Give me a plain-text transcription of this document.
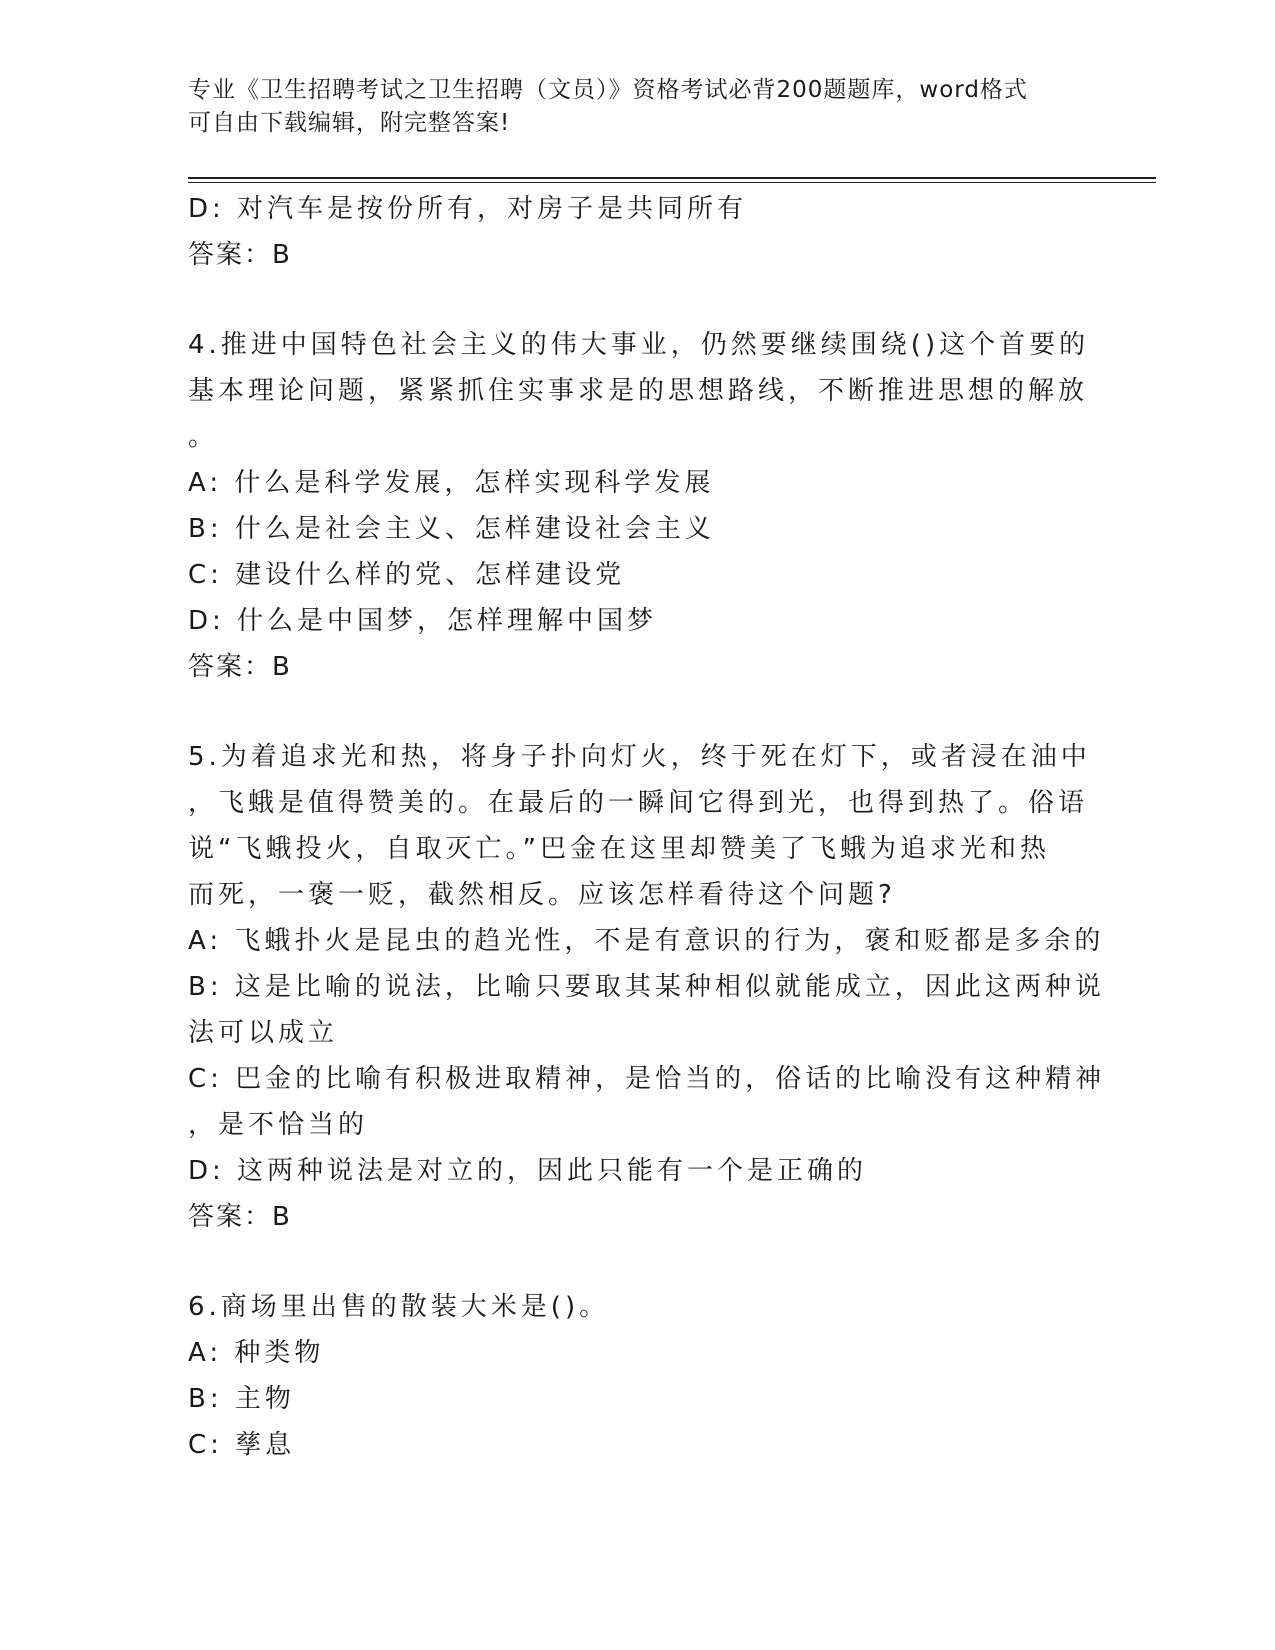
专业《卫生招聘考试之卫生招聘（文员）》资格考试必背200题题库，word格式
可自由下载编辑，附完整答案!
D: 对汽车是按份所有，对房子是共同所有
答案：B
4.推进中国特色社会主义的伟大事业，仍然要继续围绕()这个首要的
基本理论问题，紧紧抓住实事求是的思想路线，不断推进思想的解放
。
A: 什么是科学发展，怎样实现科学发展
B: 什么是社会主义、怎样建设社会主义
C: 建设什么样的党、怎样建设党
D: 什么是中国梦，怎样理解中国梦
答案：B
5.为着追求光和热，将身子扑向灯火，终于死在灯下，或者浸在油中
，飞蛾是值得赞美的。在最后的一瞬间它得到光，也得到热了。俗语
说“飞蛾投火，自取灭亡。”巴金在这里却赞美了飞蛾为追求光和热
而死，一褒一贬，截然相反。应该怎样看待这个问题?
A: 飞蛾扑火是昆虫的趋光性，不是有意识的行为，褒和贬都是多余的
B: 这是比喻的说法，比喻只要取其某种相似就能成立，因此这两种说
法可以成立
C: 巴金的比喻有积极进取精神，是恰当的，俗话的比喻没有这种精神
，是不恰当的
D: 这两种说法是对立的，因此只能有一个是正确的
答案：B
6.商场里出售的散装大米是()。
A: 种类物
B: 主物
C: 孳息
